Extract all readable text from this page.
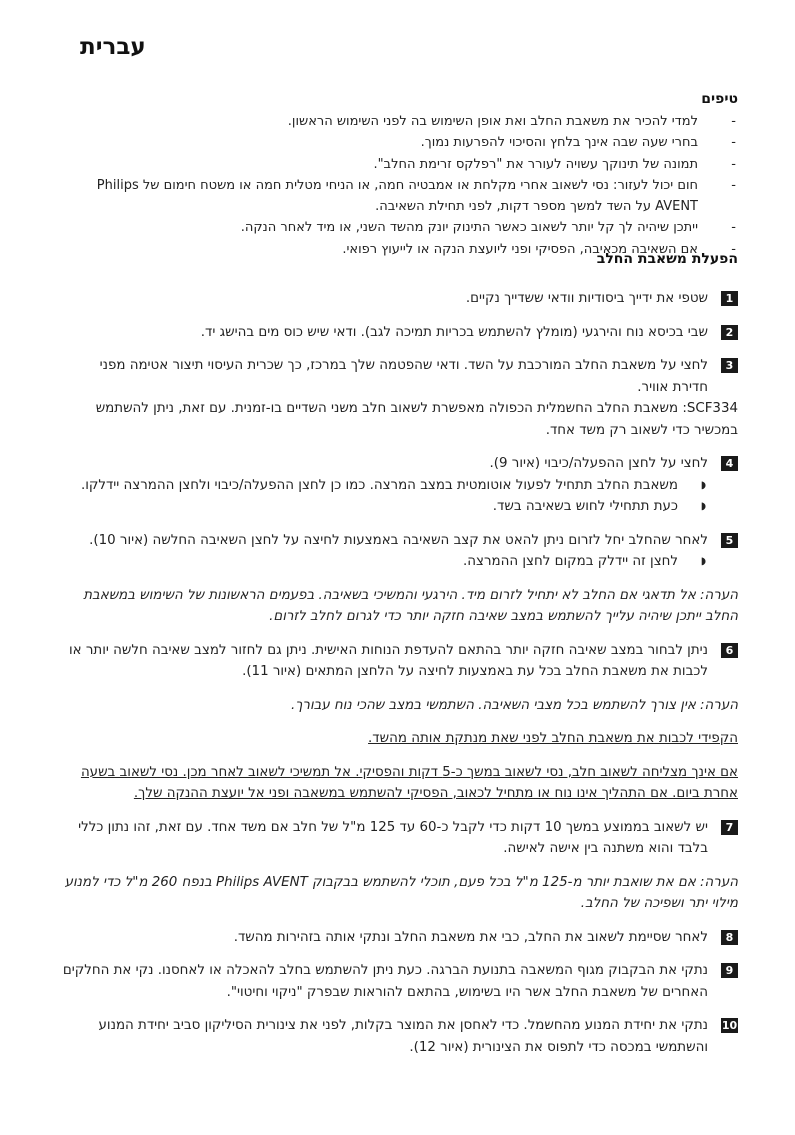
עברית
טיפים
- למדי להכיר את משאבת החלב ואת אופן השימוש בה לפני השימוש הראשון.
- בחרי שעה שבה אינך בלחץ והסיכוי להפרעות נמוך.
- תמונה של תינוקך עשויה לעורר את "רפלקס זרימת החלב".
- חום יכול לעזור: נסי לשאוב אחרי מקלחת או אמבטיה חמה, או הניחי מטלית חמה או משטח חימום של Philips AVENT על השד למשך מספר דקות, לפני תחילת השאיבה.
- ייתכן שיהיה לך קל יותר לשאוב כאשר התינוק יונק מהשד השני, או מיד לאחר הנקה.
- אם השאיבה מכאיבה, הפסיקי ופני ליועצת הנקה או לייעוץ רפואי.
הפעלת משאבת החלב
1

שטפי את ידייך ביסודיות וודאי ששדייך נקיים.

2

שבי בכיסא נוח והירגעי (מומלץ להשתמש בכריות תמיכה לגב). ודאי שיש כוס מים בהישג יד.

3

לחצי על משאבת החלב המורכבת על השד. ודאי שהפטמה שלך במרכז, כך שכרית העיסוי תיצור אטימה מפני חדירת אוויר.

SCF334: משאבת החלב החשמלית הכפולה מאפשרת לשאוב חלב משני השדיים בו-זמנית. עם זאת, ניתן להשתמש במכשיר כדי לשאוב רק משד אחד.

4

לחצי על לחצן ההפעלה/כיבוי (איור 9).

◗ משאבת החלב תתחיל לפעול אוטומטית במצב המרצה. כמו כן לחצן ההפעלה/כיבוי ולחצן ההמרצה יידלקו.
◗ כעת תתחילי לחוש בשאיבה בשד.
5

לאחר שהחלב יחל לזרום ניתן להאט את קצב השאיבה באמצעות לחיצה על לחצן השאיבה החלשה (איור 10).

◗ לחצן זה יידלק במקום לחצן ההמרצה.

הערה: אל תדאגי אם החלב לא יתחיל לזרום מיד. הירגעי והמשיכי בשאיבה. בפעמים הראשונות של השימוש במשאבת החלב ייתכן שיהיה עלייך להשתמש במצב שאיבה חזקה יותר כדי לגרום לחלב לזרום.

6

ניתן לבחור במצב שאיבה חזקה יותר בהתאם להעדפת הנוחות האישית. ניתן גם לחזור למצב שאיבה חלשה יותר או לכבות את משאבת החלב בכל עת באמצעות לחיצה על הלחצן המתאים (איור 11).

הערה: אין צורך להשתמש בכל מצבי השאיבה. השתמשי במצב שהכי נוח עבורך.

הקפידי לכבות את משאבת החלב לפני שאת מנתקת אותה מהשד.

אם אינך מצליחה לשאוב חלב, נסי לשאוב במשך כ-5 דקות והפסיקי. אל תמשיכי לשאוב לאחר מכן. נסי לשאוב בשעה אחרת ביום. אם התהליך אינו נוח או מתחיל לכאוב, הפסיקי להשתמש במשאבה ופני אל יועצת ההנקה שלך.

7

יש לשאוב בממוצע במשך 10 דקות כדי לקבל כ-60 עד 125 מ"ל של חלב אם משד אחד. עם זאת, זהו נתון כללי בלבד והוא משתנה בין אישה לאישה.

הערה: אם את שואבת יותר מ-125 מ"ל בכל פעם, תוכלי להשתמש בבקבוק Philips AVENT בנפח 260 מ"ל כדי למנוע מילוי יתר ושפיכה של החלב.

8

לאחר שסיימת לשאוב את החלב, כבי את משאבת החלב ונתקי אותה בזהירות מהשד.

9

נתקי את הבקבוק מגוף המשאבה בתנועת הברגה. כעת ניתן להשתמש בחלב להאכלה או לאחסנו. נקי את החלקים האחרים של משאבת החלב אשר היו בשימוש, בהתאם להוראות שבפרק "ניקוי וחיטוי".

10

נתקי את יחידת המנוע מהחשמל. כדי לאחסן את המוצר בקלות, לפני את צינורית הסיליקון סביב יחידת המנוע והשתמשי במכסה כדי לתפוס את הצינורית (איור 12).
